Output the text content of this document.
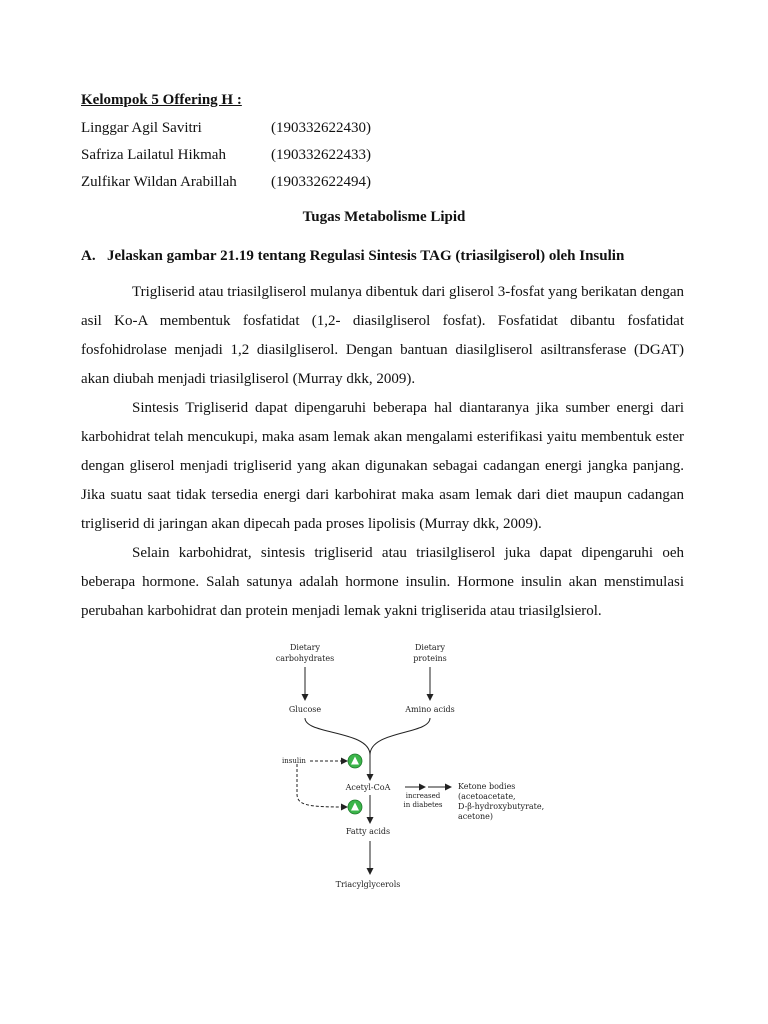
Kelompok 5 Offering H :
Linggar Agil Savitri	(190332622430)
Safriza Lailatul Hikmah	(190332622433)
Zulfikar Wildan Arabillah (190332622494)
Tugas Metabolisme Lipid
A. Jelaskan gambar 21.19 tentang Regulasi Sintesis TAG (triasilgiserol) oleh Insulin

Trigliserid atau triasilgliserol mulanya dibentuk dari gliserol 3-fosfat yang berikatan dengan asil Ko-A membentuk fosfatidat (1,2- diasilgliserol fosfat). Fosfatidat dibantu fosfatidat fosfohidrolase menjadi 1,2 diasilgliserol. Dengan bantuan diasilgliserol asiltransferase (DGAT) akan diubah menjadi triasilgliserol (Murray dkk, 2009).

Sintesis Trigliserid dapat dipengaruhi beberapa hal diantaranya jika sumber energi dari karbohidrat telah mencukupi, maka asam lemak akan mengalami esterifikasi yaitu membentuk ester dengan gliserol menjadi trigliserid yang akan digunakan sebagai cadangan energi jangka panjang. Jika suatu saat tidak tersedia energi dari karbohirat maka asam lemak dari diet maupun cadangan trigliserid di jaringan akan dipecah pada proses lipolisis (Murray dkk, 2009).

Selain karbohidrat, sintesis trigliserid atau triasilgliserol juka dapat dipengaruhi oeh beberapa hormone. Salah satunya adalah hormone insulin. Hormone insulin akan menstimulasi perubahan karbohidrat dan protein menjadi lemak yakni trigliserida atau triasilglsierol.

Dietary
carbohydrates
Dietary
proteins
Glucose	Amino acids
insulin
Acetyl-CoA
increased
in diabetes
Ketone bodies
(acetoacetate,
D-β-hydroxybutyrate,
acetone)
Fatty acids
Triacylglycerols
